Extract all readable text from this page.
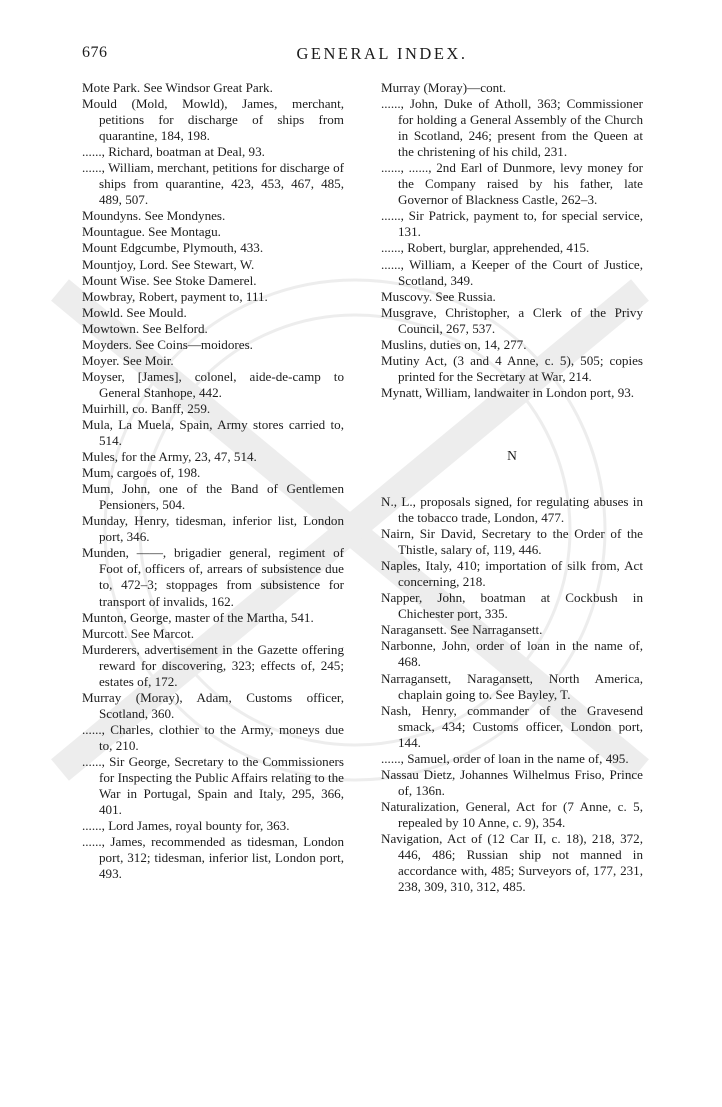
676	GENERAL INDEX.

Mote Park. See Windsor Great Park.

Mould (Mold, Mowld), James, merchant, petitions for discharge of ships from quarantine, 184, 198.

......, Richard, boatman at Deal, 93.

......, William, merchant, petitions for discharge of ships from quarantine, 423, 453, 467, 485, 489, 507.

Moundyns. See Mondynes.

Mountague. See Montagu.

Mount Edgcumbe, Plymouth, 433.

Mountjoy, Lord. See Stewart, W.

Mount Wise. See Stoke Damerel.

Mowbray, Robert, payment to, 111.

Mowld. See Mould.

Mowtown. See Belford.

Moyders. See Coins—moidores.

Moyer. See Moir.

Moyser, [James], colonel, aide-de-camp to General Stanhope, 442.

Muirhill, co. Banff, 259.

Mula, La Muela, Spain, Army stores carried to, 514.

Mules, for the Army, 23, 47, 514.

Mum, cargoes of, 198.

Mum, John, one of the Band of Gentlemen Pensioners, 504.

Munday, Henry, tidesman, inferior list, London port, 346.

Munden, ——, brigadier general, regiment of Foot of, officers of, arrears of subsistence due to, 472–3; stoppages from subsistence for transport of invalids, 162.

Munton, George, master of the Martha, 541.

Murcott. See Marcot.

Murderers, advertisement in the Gazette offering reward for discovering, 323; effects of, 245; estates of, 172.

Murray (Moray), Adam, Customs officer, Scotland, 360.

......, Charles, clothier to the Army, moneys due to, 210.

......, Sir George, Secretary to the Commissioners for Inspecting the Public Affairs relating to the War in Portugal, Spain and Italy, 295, 366, 401.

......, Lord James, royal bounty for, 363.

......, James, recommended as tidesman, London port, 312; tidesman, inferior list, London port, 493.

Murray (Moray)—cont.

......, John, Duke of Atholl, 363; Commissioner for holding a General Assembly of the Church in Scotland, 246; present from the Queen at the christening of his child, 231.

......, ......, 2nd Earl of Dunmore, levy money for the Company raised by his father, late Governor of Blackness Castle, 262–3.

......, Sir Patrick, payment to, for special service, 131.

......, Robert, burglar, apprehended, 415.

......, William, a Keeper of the Court of Justice, Scotland, 349.

Muscovy. See Russia.

Musgrave, Christopher, a Clerk of the Privy Council, 267, 537.

Muslins, duties on, 14, 277.

Mutiny Act, (3 and 4 Anne, c. 5), 505; copies printed for the Secretary at War, 214.

Mynatt, William, landwaiter in London port, 93.

N

N., L., proposals signed, for regulating abuses in the tobacco trade, London, 477.

Nairn, Sir David, Secretary to the Order of the Thistle, salary of, 119, 446.

Naples, Italy, 410; importation of silk from, Act concerning, 218.

Napper, John, boatman at Cockbush in Chichester port, 335.

Naragansett. See Narragansett.

Narbonne, John, order of loan in the name of, 468.

Narragansett, Naragansett, North America, chaplain going to. See Bayley, T.

Nash, Henry, commander of the Gravesend smack, 434; Customs officer, London port, 144.

......, Samuel, order of loan in the name of, 495.

Nassau Dietz, Johannes Wilhelmus Friso, Prince of, 136n.

Naturalization, General, Act for (7 Anne, c. 5, repealed by 10 Anne, c. 9), 354.

Navigation, Act of (12 Car II, c. 18), 218, 372, 446, 486; Russian ship not manned in accordance with, 485; Surveyors of, 177, 231, 238, 309, 310, 312, 485.
